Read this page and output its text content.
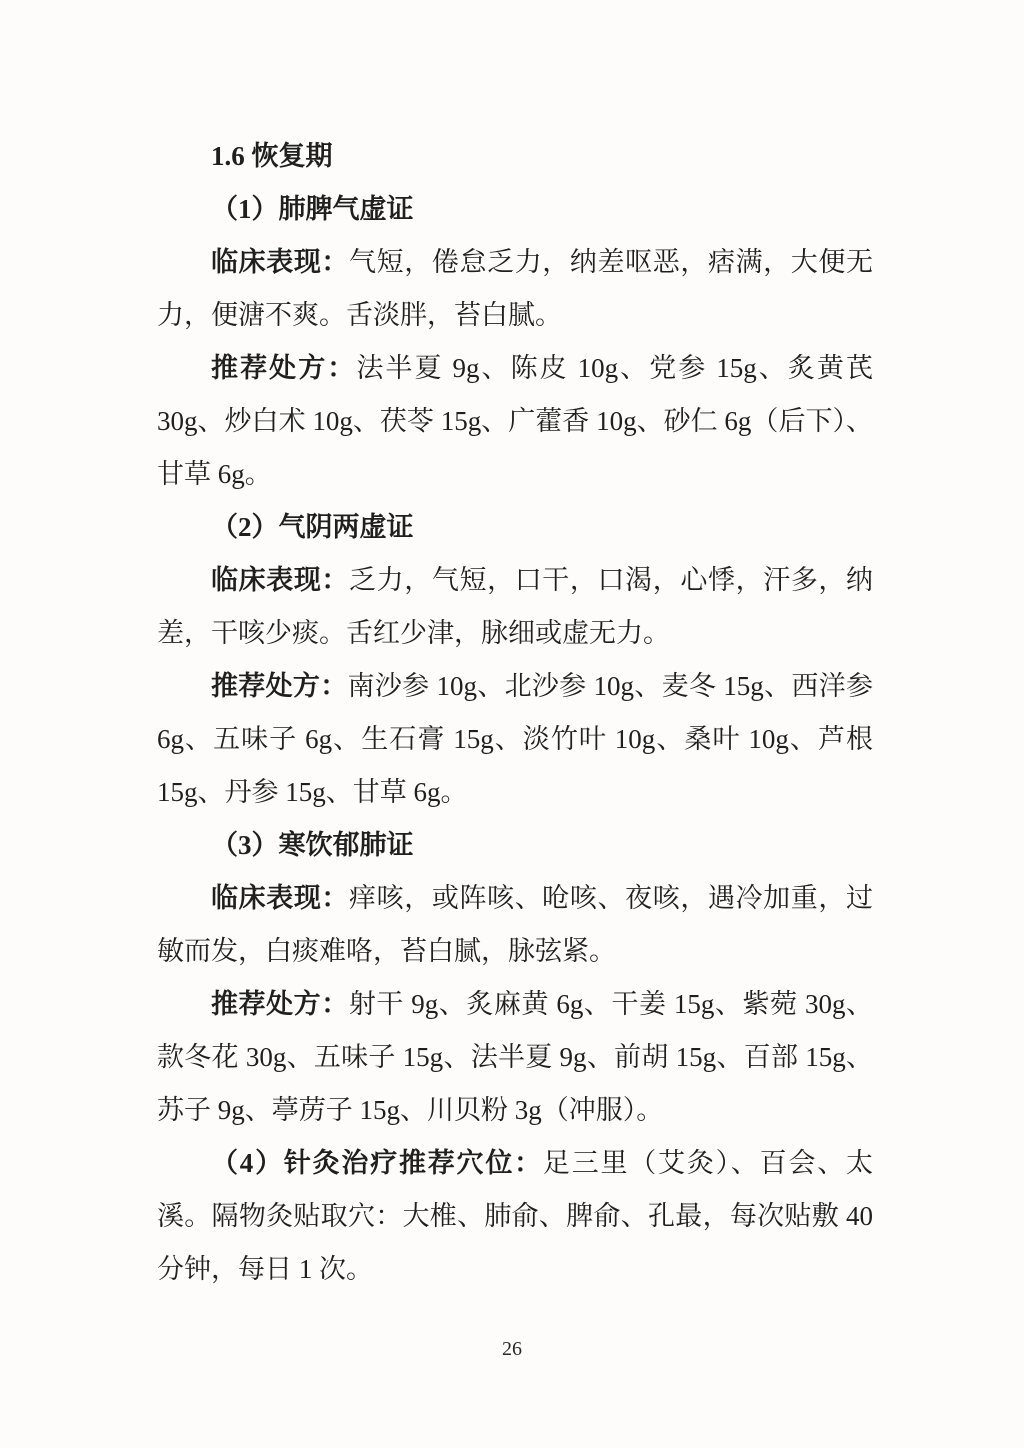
1.6 恢复期

（1）肺脾气虚证

临床表现：气短，倦怠乏力，纳差呕恶，痞满，大便无力，便溏不爽。舌淡胖，苔白腻。

推荐处方：法半夏 9g、陈皮 10g、党参 15g、炙黄芪 30g、炒白术 10g、茯苓 15g、广藿香 10g、砂仁 6g（后下）、甘草 6g。

（2）气阴两虚证

临床表现：乏力，气短，口干，口渴，心悸，汗多，纳差，干咳少痰。舌红少津，脉细或虚无力。

推荐处方：南沙参 10g、北沙参 10g、麦冬 15g、西洋参 6g、五味子 6g、生石膏 15g、淡竹叶 10g、桑叶 10g、芦根 15g、丹参 15g、甘草 6g。

（3）寒饮郁肺证

临床表现：痒咳，或阵咳、呛咳、夜咳，遇冷加重，过敏而发，白痰难咯，苔白腻，脉弦紧。

推荐处方：射干 9g、炙麻黄 6g、干姜 15g、紫菀 30g、款冬花 30g、五味子 15g、法半夏 9g、前胡 15g、百部 15g、苏子 9g、葶苈子 15g、川贝粉 3g（冲服）。

（4）针灸治疗推荐穴位：足三里（艾灸）、百会、太溪。隔物灸贴取穴：大椎、肺俞、脾俞、孔最，每次贴敷 40 分钟，每日 1 次。

26
